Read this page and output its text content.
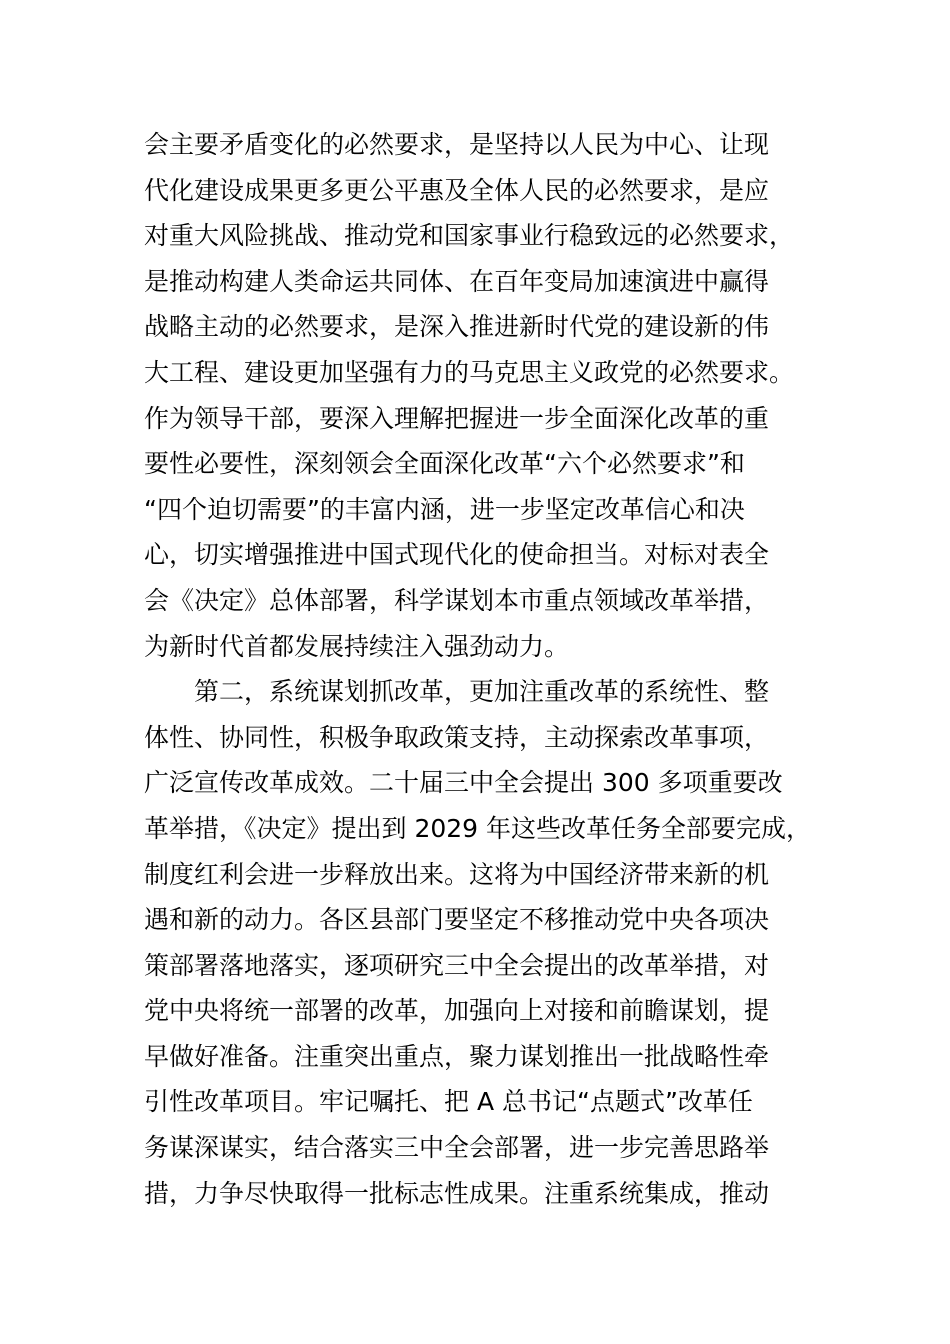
会主要矛盾变化的必然要求，是坚持以人民为中心、让现
代化建设成果更多更公平惠及全体人民的必然要求，是应
对重大风险挑战、推动党和国家事业行稳致远的必然要求，
是推动构建人类命运共同体、在百年变局加速演进中赢得
战略主动的必然要求，是深入推进新时代党的建设新的伟
大工程、建设更加坚强有力的马克思主义政党的必然要求。
作为领导干部，要深入理解把握进一步全面深化改革的重
要性必要性，深刻领会全面深化改革“六个必然要求”和
“四个迫切需要”的丰富内涵，进一步坚定改革信心和决
心，切实增强推进中国式现代化的使命担当。对标对表全
会《决定》总体部署，科学谋划本市重点领域改革举措，
为新时代首都发展持续注入强劲动力。
　　第二，系统谋划抓改革，更加注重改革的系统性、整
体性、协同性，积极争取政策支持，主动探索改革事项，
广泛宣传改革成效。二十届三中全会提出 300 多项重要改
革举措，《决定》提出到 2029 年这些改革任务全部要完成，
制度红利会进一步释放出来。这将为中国经济带来新的机
遇和新的动力。各区县部门要坚定不移推动党中央各项决
策部署落地落实，逐项研究三中全会提出的改革举措，对
党中央将统一部署的改革，加强向上对接和前瞻谋划，提
早做好准备。注重突出重点，聚力谋划推出一批战略性牵
引性改革项目。牢记嘱托、把 A 总书记“点题式”改革任
务谋深谋实，结合落实三中全会部署，进一步完善思路举
措，力争尽快取得一批标志性成果。注重系统集成，推动
